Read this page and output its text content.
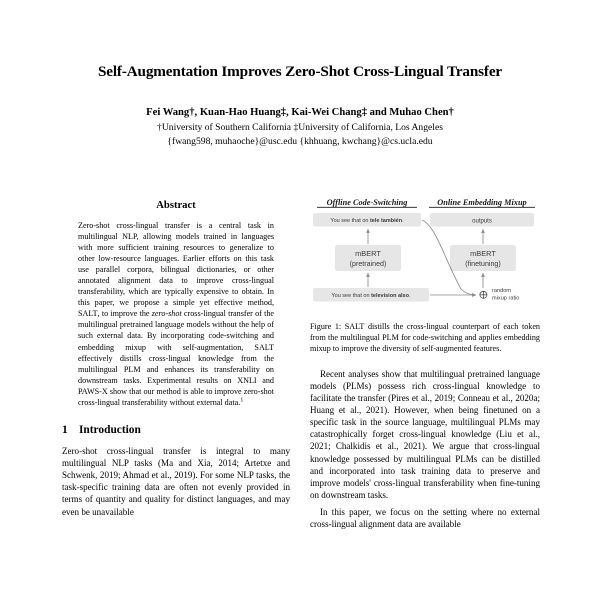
Self-Augmentation Improves Zero-Shot Cross-Lingual Transfer
Fei Wang†, Kuan-Hao Huang‡, Kai-Wei Chang‡ and Muhao Chen†
†University of Southern California ‡University of California, Los Angeles
{fwang598, muhaoche}@usc.edu {khhuang, kwchang}@cs.ucla.edu
Abstract
Zero-shot cross-lingual transfer is a central task in multilingual NLP, allowing models trained in languages with more sufficient training resources to generalize to other low-resource languages. Earlier efforts on this task use parallel corpora, bilingual dictionaries, or other annotated alignment data to improve cross-lingual transferability, which are typically expensive to obtain. In this paper, we propose a simple yet effective method, SALT, to improve the zero-shot cross-lingual transfer of the multilingual pretrained language models without the help of such external data. By incorporating code-switching and embedding mixup with self-augmentation, SALT effectively distills cross-lingual knowledge from the multilingual PLM and enhances its transferability on downstream tasks. Experimental results on XNLI and PAWS-X show that our method is able to improve zero-shot cross-lingual transferability without external data.$^1$
1 Introduction

Zero-shot cross-lingual transfer is integral to many multilingual NLP tasks (Ma and Xia, 2014; Artetxe and Schwenk, 2019; Ahmad et al., 2019). For some NLP tasks, the task-specific training data are often not evenly provided in terms of quantity and quality for distinct languages, and may even be unavailable

Offline Code-Switching	Online Embedding Mixup
You see that on tele también.	outputs
mBERT
(pretrained)
mBERT
(finetuning)
You see that on television also.
random
mixup ratio

Figure 1: SALT distills the cross-lingual counterpart of each token from the multilingual PLM for code-switching and applies embedding mixup to improve the diversity of self-augmented features.

Recent analyses show that multilingual pretrained language models (PLMs) possess rich cross-lingual knowledge to facilitate the transfer (Pires et al., 2019; Conneau et al., 2020a; Huang et al., 2021). However, when being finetuned on a specific task in the source language, multilingual PLMs may catastrophically forget cross-lingual knowledge (Liu et al., 2021; Chalkidis et al., 2021). We argue that cross-lingual knowledge possessed by multilingual PLMs can be distilled and incorporated into task training data to preserve and improve models' cross-lingual transferability when fine-tuning on downstream tasks.

In this paper, we focus on the setting where no external cross-lingual alignment data are available
